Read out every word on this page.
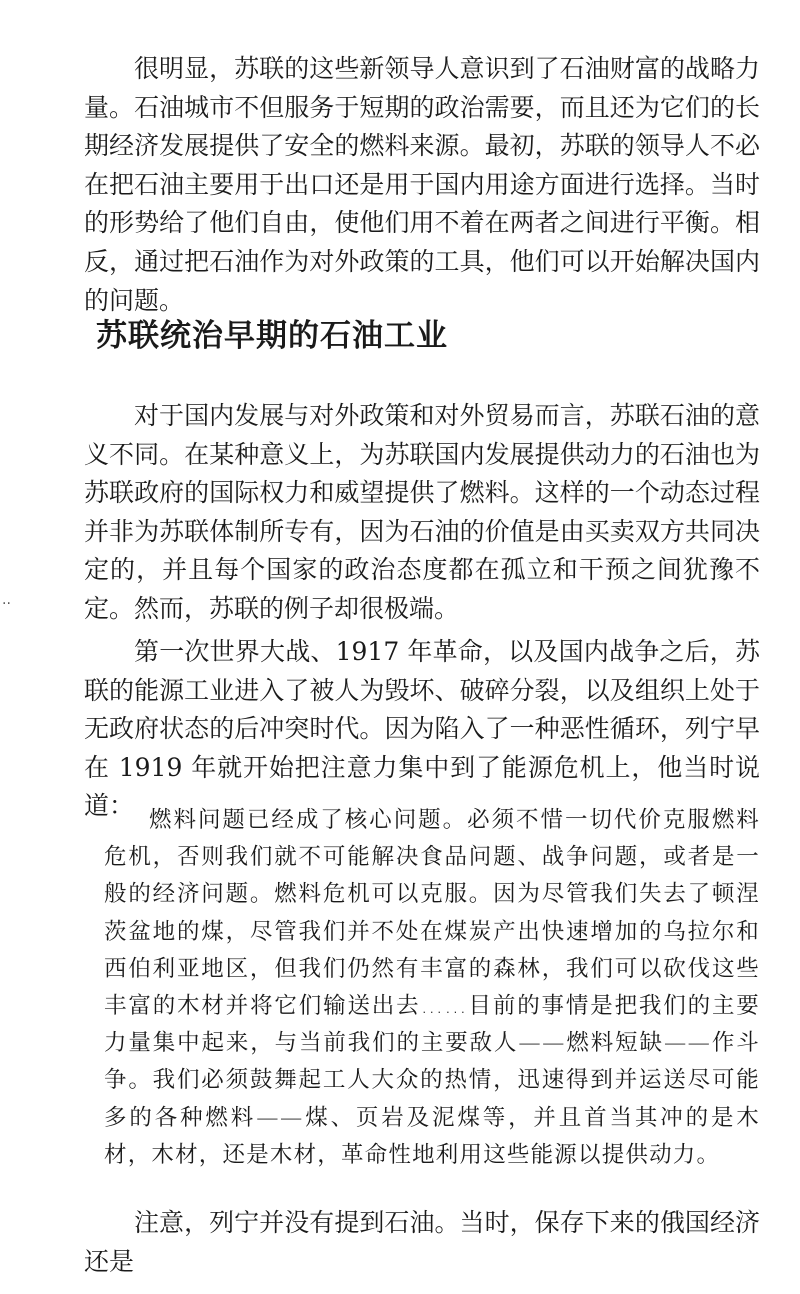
很明显，苏联的这些新领导人意识到了石油财富的战略力量。石油城市不但服务于短期的政治需要，而且还为它们的长期经济发展提供了安全的燃料来源。最初，苏联的领导人不必在把石油主要用于出口还是用于国内用途方面进行选择。当时的形势给了他们自由，使他们用不着在两者之间进行平衡。相反，通过把石油作为对外政策的工具，他们可以开始解决国内的问题。

苏联统治早期的石油工业

对于国内发展与对外政策和对外贸易而言，苏联石油的意义不同。在某种意义上，为苏联国内发展提供动力的石油也为苏联政府的国际权力和威望提供了燃料。这样的一个动态过程并非为苏联体制所专有，因为石油的价值是由买卖双方共同决定的，并且每个国家的政治态度都在孤立和干预之间犹豫不定。然而，苏联的例子却很极端。

第一次世界大战、1917 年革命，以及国内战争之后，苏联的能源工业进入了被人为毁坏、破碎分裂，以及组织上处于无政府状态的后冲突时代。因为陷入了一种恶性循环，列宁早在 1919 年就开始把注意力集中到了能源危机上，他当时说道： 燃料问题已经成了核心问题。必须不惜一切代价克服燃料危机，否则我们就不可能解决食品问题、战争问题，或者是一般的经济问题。燃料危机可以克服。因为尽管我们失去了顿涅茨盆地的煤，尽管我们并不处在煤炭产出快速增加的乌拉尔和西伯利亚地区，但我们仍然有丰富的森林，我们可以砍伐这些丰富的木材并将它们输送出去……目前的事情是把我们的主要力量集中起来，与当前我们的主要敌人——燃料短缺——作斗争。我们必须鼓舞起工人大众的热情，迅速得到并运送尽可能多的各种燃料——煤、页岩及泥煤等，并且首当其冲的是木材，木材，还是木材，革命性地利用这些能源以提供动力。

注意，列宁并没有提到石油。当时，保存下来的俄国经济还是

··
